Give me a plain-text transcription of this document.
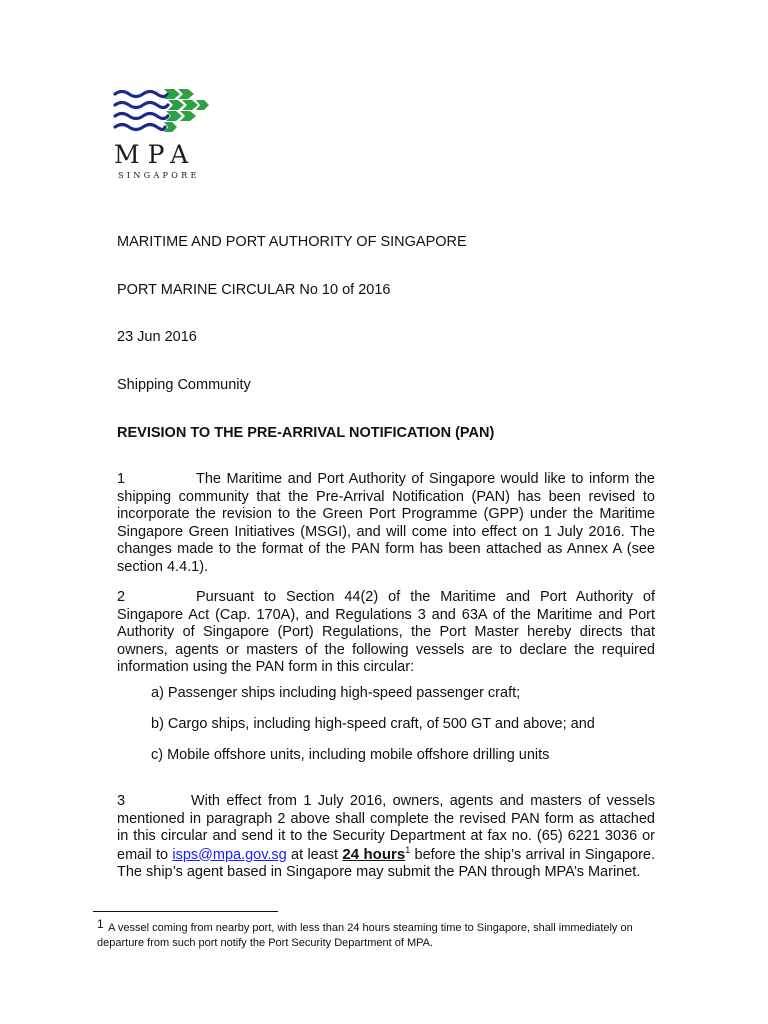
MPA
SINGAPORE
MARITIME AND PORT AUTHORITY OF SINGAPORE
PORT MARINE CIRCULAR No 10 of 2016
23 Jun 2016
Shipping Community
REVISION TO THE PRE-ARRIVAL NOTIFICATION (PAN)
1	The Maritime and Port Authority of Singapore would like to inform the shipping community that the Pre-Arrival Notification (PAN) has been revised to incorporate the revision to the Green Port Programme (GPP) under the Maritime Singapore Green Initiatives (MSGI), and will come into effect on 1 July 2016. The changes made to the format of the PAN form has been attached as Annex A (see section 4.4.1).
2	Pursuant to Section 44(2) of the Maritime and Port Authority of Singapore Act (Cap. 170A), and Regulations 3 and 63A of the Maritime and Port Authority of Singapore (Port) Regulations, the Port Master hereby directs that owners, agents or masters of the following vessels are to declare the required information using the PAN form in this circular:
a) Passenger ships including high-speed passenger craft;
b) Cargo ships, including high-speed craft, of 500 GT and above; and
c) Mobile offshore units, including mobile offshore drilling units
3	With effect from 1 July 2016, owners, agents and masters of vessels mentioned in paragraph 2 above shall complete the revised PAN form as attached in this circular and send it to the Security Department at fax no. (65) 6221 3036 or email to isps@mpa.gov.sg at least 24 hours$^1$ before the ship’s arrival in Singapore. The ship’s agent based in Singapore may submit the PAN through MPA’s Marinet.
1 A vessel coming from nearby port, with less than 24 hours steaming time to Singapore, shall immediately on departure from such port notify the Port Security Department of MPA.
